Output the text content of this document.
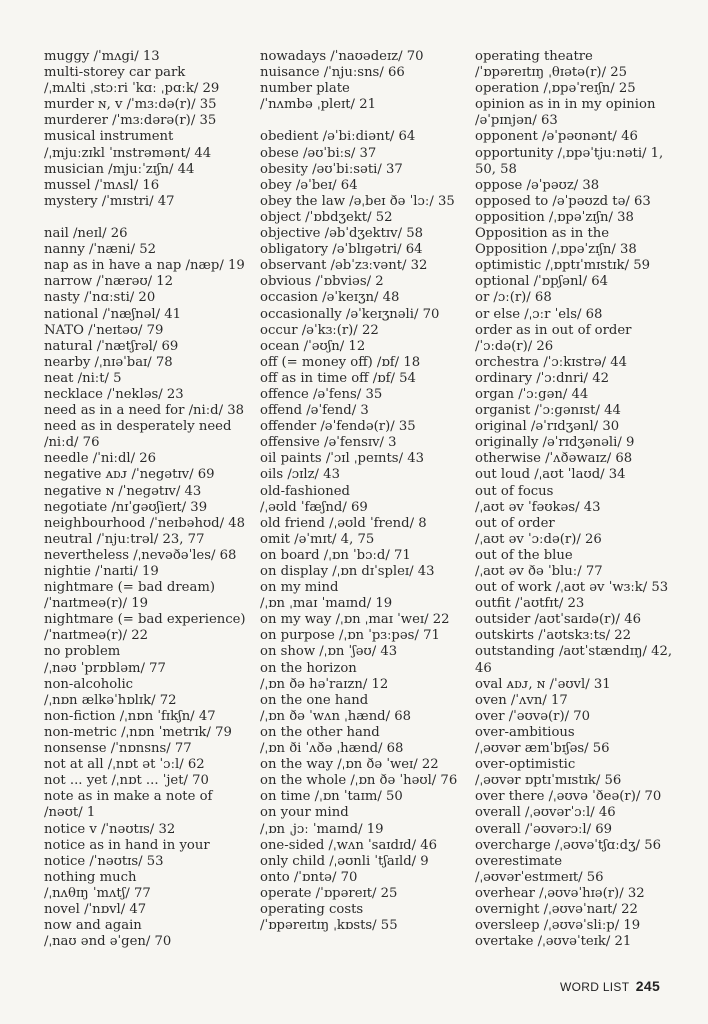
muggy /ˈmʌgi/ 13
multi-storey car park
/ˌmʌlti ˌstɔːri ˈkɑː ˌpɑːk/ 29
murder ɴ, ᴠ /ˈmɜːdə(r)/ 35
murderer /ˈmɜːdərə(r)/ 35
musical instrument
/ˌmjuːzɪkl ˈɪnstrəmənt/ 44
musician /mjuːˈzɪʃn/ 44
mussel /ˈmʌsl/ 16
mystery /ˈmɪstri/ 47
nail /neɪl/ 26
nanny /ˈnæni/ 52
nap as in have a nap /næp/ 19
narrow /ˈnærəʊ/ 12
nasty /ˈnɑːsti/ 20
national /ˈnæʃnəl/ 41
NATO /ˈneɪtəʊ/ 79
natural /ˈnætʃrəl/ 69
nearby /ˌnɪəˈbaɪ/ 78
neat /niːt/ 5
necklace /ˈnekləs/ 23
need as in a need for /niːd/ 38
need as in desperately need
/niːd/ 76
needle /ˈniːdl/ 26
negative ᴀᴅᴊ /ˈnegətɪv/ 69
negative ɴ /ˈnegətɪv/ 43
negotiate /nɪˈgəʊʃieɪt/ 39
neighbourhood /ˈneɪbəhʊd/ 48
neutral /ˈnjuːtrəl/ 23, 77
nevertheless /ˌnevəðəˈles/ 68
nightie /ˈnaɪti/ 19
nightmare (= bad dream)
/ˈnaɪtmeə(r)/ 19
nightmare (= bad experience)
/ˈnaɪtmeə(r)/ 22
no problem
/ˌnəʊ ˈprɒbləm/ 77
non-alcoholic
/ˌnɒn ælkəˈhɒlɪk/ 72
non-fiction /ˌnɒn ˈfɪkʃn/ 47
non-metric /ˌnɒn ˈmetrɪk/ 79
nonsense /ˈnɒnsns/ 77
not at all /ˌnɒt ət ˈɔːl/ 62
not ... yet /ˌnɒt ... ˈjet/ 70
note as in make a note of
/nəʊt/ 1
notice ᴠ /ˈnəʊtɪs/ 32
notice as in hand in your
notice /ˈnəʊtɪs/ 53
nothing much
/ˌnʌθɪŋ ˈmʌtʃ/ 77
novel /ˈnɒvl/ 47
now and again
/ˌnaʊ ənd əˈgen/ 70
nowadays /ˈnaʊədeɪz/ 70
nuisance /ˈnjuːsns/ 66
number plate
/ˈnʌmbə ˌpleɪt/ 21
obedient /əˈbiːdiənt/ 64
obese /əʊˈbiːs/ 37
obesity /əʊˈbiːsəti/ 37
obey /əˈbeɪ/ 64
obey the law /əˌbeɪ ðə ˈlɔː/ 35
object /ˈɒbdʒekt/ 52
objective /əbˈdʒektɪv/ 58
obligatory /əˈblɪgətri/ 64
observant /əbˈzɜːvənt/ 32
obvious /ˈɒbviəs/ 2
occasion /əˈkeɪʒn/ 48
occasionally /əˈkeɪʒnəli/ 70
occur /əˈkɜː(r)/ 22
ocean /ˈəʊʃn/ 12
off (= money off) /ɒf/ 18
off as in time off /ɒf/ 54
offence /əˈfens/ 35
offend /əˈfend/ 3
offender /əˈfendə(r)/ 35
offensive /əˈfensɪv/ 3
oil paints /ˈɔɪl ˌpeɪnts/ 43
oils /ɔɪlz/ 43
old-fashioned
/ˌəʊld ˈfæʃnd/ 69
old friend /ˌəʊld ˈfrend/ 8
omit /əˈmɪt/ 4, 75
on board /ˌɒn ˈbɔːd/ 71
on display /ˌɒn dɪˈspleɪ/ 43
on my mind
/ˌɒn ˌmaɪ ˈmaɪnd/ 19
on my way /ˌɒn ˌmaɪ ˈweɪ/ 22
on purpose /ˌɒn ˈpɜːpəs/ 71
on show /ˌɒn ˈʃəʊ/ 43
on the horizon
/ˌɒn ðə həˈraɪzn/ 12
on the one hand
/ˌɒn ðə ˈwʌn ˌhænd/ 68
on the other hand
/ˌɒn ði ˈʌðə ˌhænd/ 68
on the way /ˌɒn ðə ˈweɪ/ 22
on the whole /ˌɒn ðə ˈhəʊl/ 76
on time /ˌɒn ˈtaɪm/ 50
on your mind
/ˌɒn ˌjɔː ˈmaɪnd/ 19
one-sided /ˌwʌn ˈsaɪdɪd/ 46
only child /ˌəʊnli ˈtʃaɪld/ 9
onto /ˈɒntə/ 70
operate /ˈɒpəreɪt/ 25
operating costs
/ˈɒpəreɪtɪŋ ˌkɒsts/ 55
operating theatre
/ˈɒpəreɪtɪŋ ˌθɪətə(r)/ 25
operation /ˌɒpəˈreɪʃn/ 25
opinion as in in my opinion
/əˈpɪnjən/ 63
opponent /əˈpəʊnənt/ 46
opportunity /ˌɒpəˈtjuːnəti/ 1,
50, 58
oppose /əˈpəʊz/ 38
opposed to /əˈpəʊzd tə/ 63
opposition /ˌɒpəˈzɪʃn/ 38
Opposition as in the
Opposition /ˌɒpəˈzɪʃn/ 38
optimistic /ˌɒptɪˈmɪstɪk/ 59
optional /ˈɒpʃənl/ 64
or /ɔː(r)/ 68
or else /ˌɔːr ˈels/ 68
order as in out of order
/ˈɔːdə(r)/ 26
orchestra /ˈɔːkɪstrə/ 44
ordinary /ˈɔːdnri/ 42
organ /ˈɔːgən/ 44
organist /ˈɔːgənɪst/ 44
original /əˈrɪdʒənl/ 30
originally /əˈrɪdʒənəli/ 9
otherwise /ˈʌðəwaɪz/ 68
out loud /ˌaʊt ˈlaʊd/ 34
out of focus
/ˌaʊt əv ˈfəʊkəs/ 43
out of order
/ˌaʊt əv ˈɔːdə(r)/ 26
out of the blue
/ˌaʊt əv ðə ˈbluː/ 77
out of work /ˌaʊt əv ˈwɜːk/ 53
outfit /ˈaʊtfɪt/ 23
outsider /aʊtˈsaɪdə(r)/ 46
outskirts /ˈaʊtskɜːts/ 22
outstanding /aʊtˈstændɪŋ/ 42,
46
oval ᴀᴅᴊ, ɴ /ˈəʊvl/ 31
oven /ˈʌvn/ 17
over /ˈəʊvə(r)/ 70
over-ambitious
/ˌəʊvər æmˈbɪʃəs/ 56
over-optimistic
/ˌəʊvər ɒptɪˈmɪstɪk/ 56
over there /ˌəʊvə ˈðeə(r)/ 70
overall /ˌəʊvərˈɔːl/ 46
overall /ˈəʊvərɔːl/ 69
overcharge /ˌəʊvəˈtʃɑːdʒ/ 56
overestimate
/ˌəʊvərˈestɪmeɪt/ 56
overhear /ˌəʊvəˈhɪə(r)/ 32
overnight /ˌəʊvəˈnaɪt/ 22
oversleep /ˌəʊvəˈsliːp/ 19
overtake /ˌəʊvəˈteɪk/ 21
WORD LIST 245
